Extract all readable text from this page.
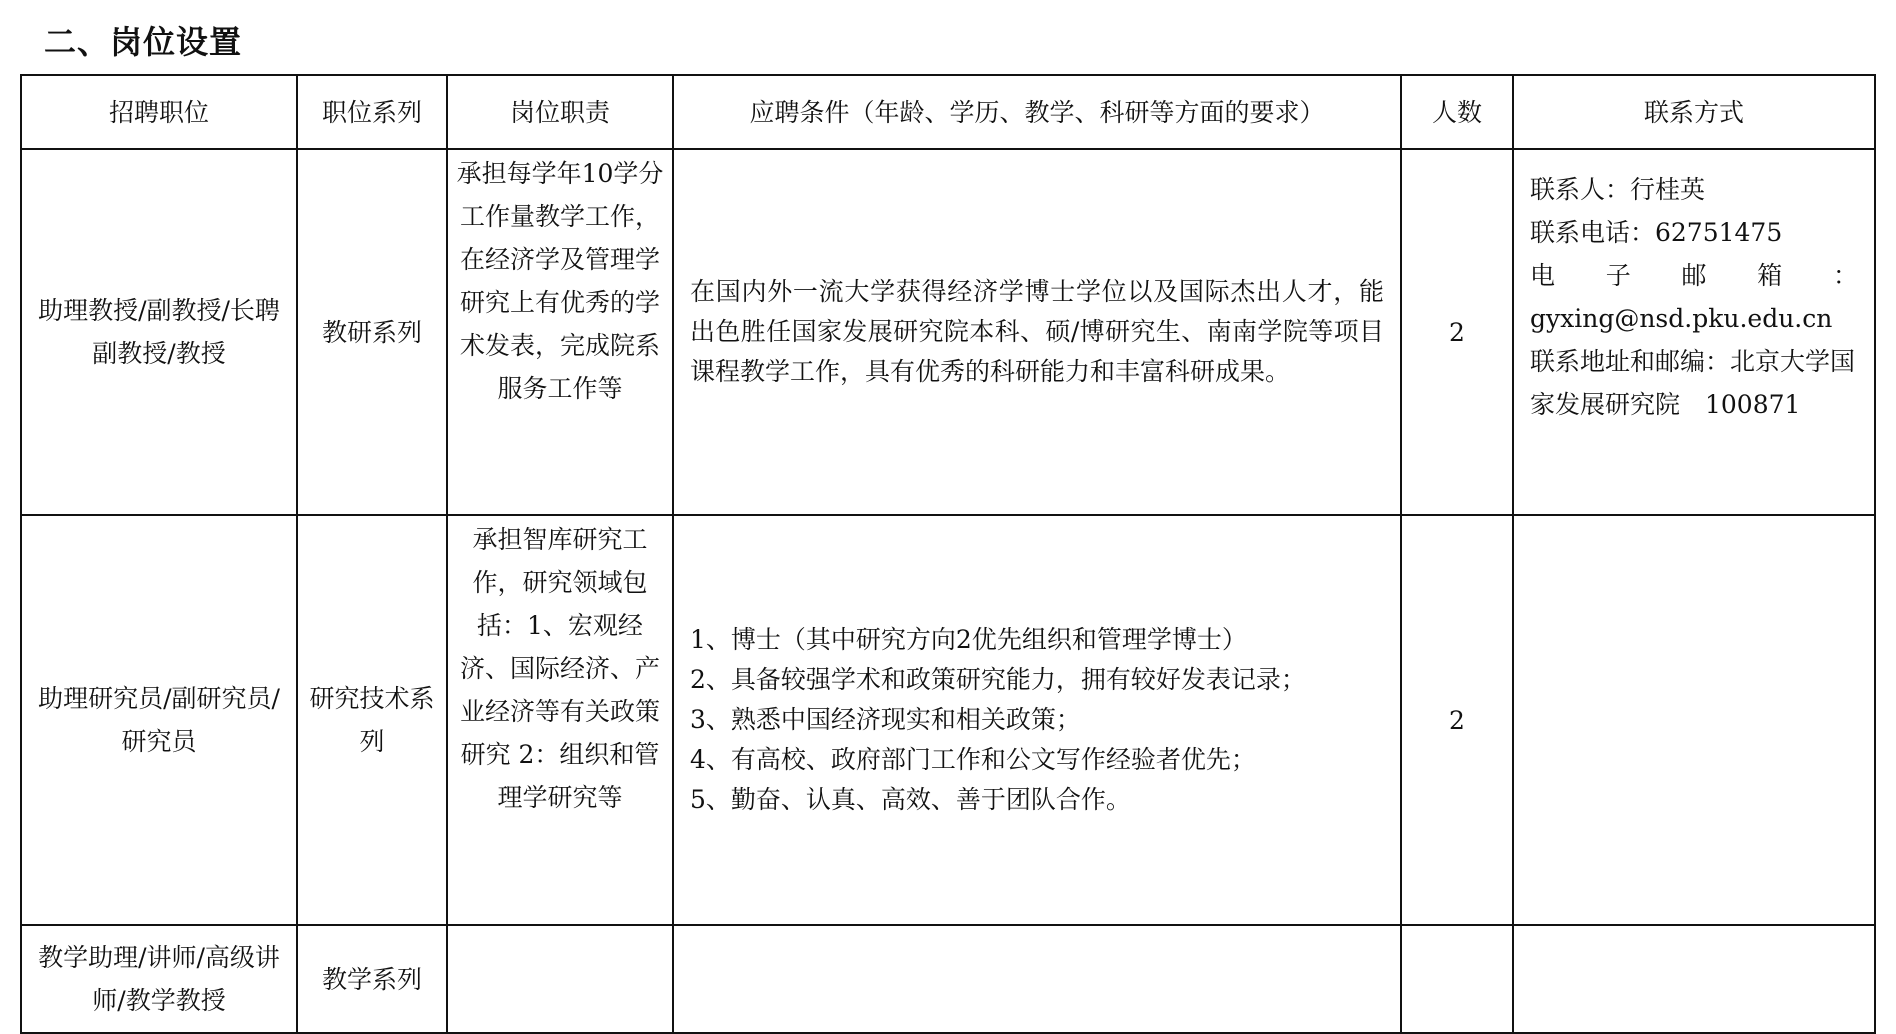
二、岗位设置
招聘职位	职位系列	岗位职责	应聘条件（年龄、学历、教学、科研等方面的要求）	人数	联系方式
助理教授/副教授/长聘副教授/教授	教研系列	承担每学年10学分工作量教学工作，在经济学及管理学研究上有优秀的学术发表，完成院系服务工作等	在国内外一流大学获得经济学博士学位以及国际杰出人才，能出色胜任国家发展研究院本科、硕/博研究生、南南学院等项目课程教学工作，具有优秀的科研能力和丰富科研成果。	2	联系人：行桂英
联系电话：62751475
电子邮箱：
gyxing@nsd.pku.edu.cn
联系地址和邮编：北京大学国家发展研究院　100871

助理研究员/副研究员/研究员	研究技术系列	承担智库研究工作，研究领域包括：1、宏观经济、国际经济、产业经济等有关政策研究 2：组织和管理学研究等	1、博士（其中研究方向2优先组织和管理学博士）
2、具备较强学术和政策研究能力，拥有较好发表记录；
3、熟悉中国经济现实和相关政策；
4、有高校、政府部门工作和公文写作经验者优先；
5、勤奋、认真、高效、善于团队合作。	2	
教学助理/讲师/高级讲师/教学教授	教学系列				
